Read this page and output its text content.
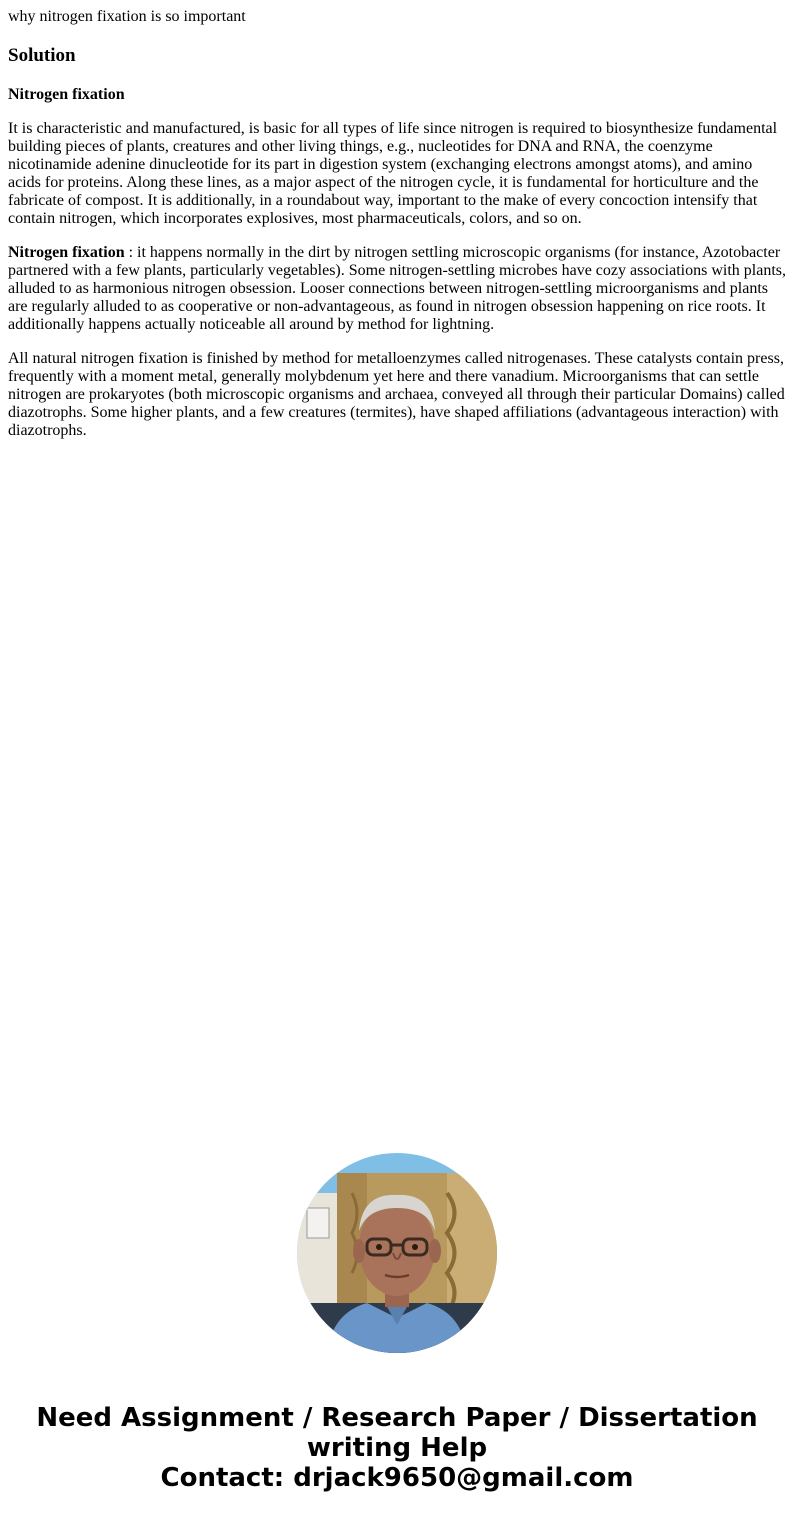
why nitrogen fixation is so important
Solution
Nitrogen fixation

It is characteristic and manufactured, is basic for all types of life since nitrogen is required to biosynthesize fundamental building pieces of plants, creatures and other living things, e.g., nucleotides for DNA and RNA, the coenzyme nicotinamide adenine dinucleotide for its part in digestion system (exchanging electrons amongst atoms), and amino acids for proteins. Along these lines, as a major aspect of the nitrogen cycle, it is fundamental for horticulture and the fabricate of compost. It is additionally, in a roundabout way, important to the make of every concoction intensify that contain nitrogen, which incorporates explosives, most pharmaceuticals, colors, and so on.

Nitrogen fixation : it happens normally in the dirt by nitrogen settling microscopic organisms (for instance, Azotobacter partnered with a few plants, particularly vegetables). Some nitrogen-settling microbes have cozy associations with plants, alluded to as harmonious nitrogen obsession. Looser connections between nitrogen-settling microorganisms and plants are regularly alluded to as cooperative or non-advantageous, as found in nitrogen obsession happening on rice roots. It additionally happens actually noticeable all around by method for lightning.

All natural nitrogen fixation is finished by method for metalloenzymes called nitrogenases. These catalysts contain press, frequently with a moment metal, generally molybdenum yet here and there vanadium. Microorganisms that can settle nitrogen are prokaryotes (both microscopic organisms and archaea, conveyed all through their particular Domains) called diazotrophs. Some higher plants, and a few creatures (termites), have shaped affiliations (advantageous interaction) with diazotrophs.

Need Assignment / Research Paper / Dissertation
writing Help
Contact: drjack9650@gmail.com
